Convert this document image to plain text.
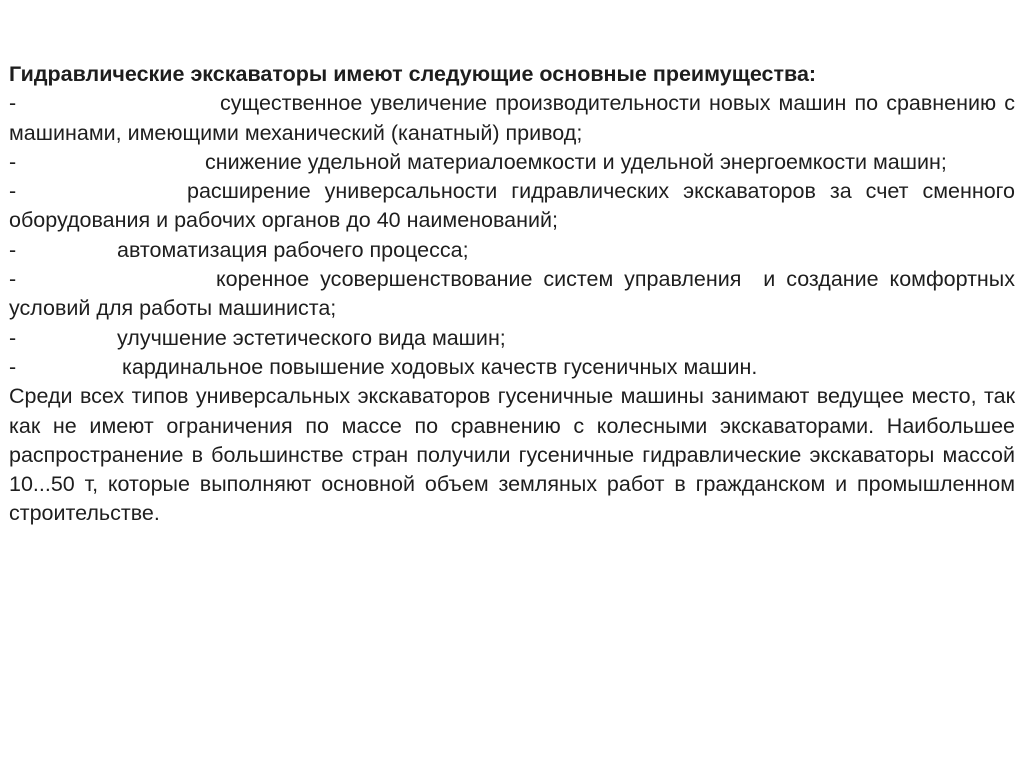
Гидравлические экскаваторы имеют следующие основные преимущества:

-	существенное увеличение производительности новых машин по сравнению с машинами, имеющими механический (канатный) привод;

-	снижение удельной материалоемкости и удельной энергоемкости машин;

-	расширение универсальности гидравлических экскаваторов за счет сменного оборудования и рабочих органов до 40 наименований;

-	автоматизация рабочего процесса;

-	коренное усовершенствование систем управления  и создание комфортных условий для работы машиниста;

-	улучшение эстетического вида машин;

-	кардинальное повышение ходовых качеств гусеничных машин.

Среди всех типов универсальных экскаваторов гусеничные машины занимают ведущее место, так как не имеют ограничения по массе по сравнению с колесными экскаваторами. Наибольшее распространение в большинстве стран получили гусеничные гидравлические экскаваторы массой 10...50 т, которые выполняют основной объем земляных работ в гражданском и промышленном строительстве.
